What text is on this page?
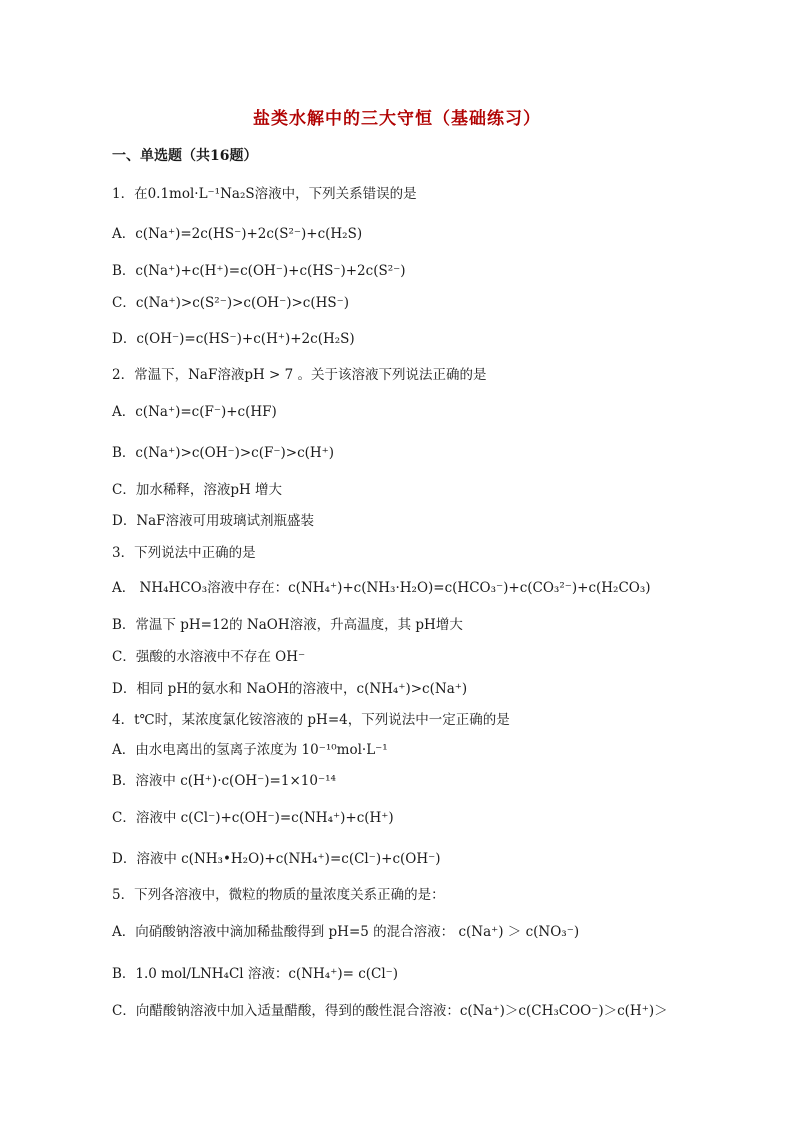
盐类水解中的三大守恒（基础练习）
一、单选题（共16题）
1．在0.1mol·L⁻¹Na₂S溶液中，下列关系错误的是
A．c(Na⁺)=2c(HS⁻)+2c(S²⁻)+c(H₂S)
B．c(Na⁺)+c(H⁺)=c(OH⁻)+c(HS⁻)+2c(S²⁻)
C．c(Na⁺)>c(S²⁻)>c(OH⁻)>c(HS⁻)
D．c(OH⁻)=c(HS⁻)+c(H⁺)+2c(H₂S)
2．常温下，NaF溶液pH > 7 。关于该溶液下列说法正确的是
A．c(Na⁺)=c(F⁻)+c(HF)
B．c(Na⁺)>c(OH⁻)>c(F⁻)>c(H⁺)
C．加水稀释，溶液pH 增大
D．NaF溶液可用玻璃试剂瓶盛装
3．下列说法中正确的是
A． NH₄HCO₃溶液中存在：c(NH₄⁺)+c(NH₃·H₂O)=c(HCO₃⁻)+c(CO₃²⁻)+c(H₂CO₃)
B．常温下 pH=12的 NaOH溶液，升高温度，其 pH增大
C．强酸的水溶液中不存在 OH⁻
D．相同 pH的氨水和 NaOH的溶液中，c(NH₄⁺)>c(Na⁺)
4．t℃时，某浓度氯化铵溶液的 pH=4，下列说法中一定正确的是
A．由水电离出的氢离子浓度为 10⁻¹⁰mol·L⁻¹
B．溶液中 c(H⁺)·c(OH⁻)=1×10⁻¹⁴
C．溶液中 c(Cl⁻)+c(OH⁻)=c(NH₄⁺)+c(H⁺)
D．溶液中 c(NH₃•H₂O)+c(NH₄⁺)=c(Cl⁻)+c(OH⁻)
5．下列各溶液中，微粒的物质的量浓度关系正确的是：
A．向硝酸钠溶液中滴加稀盐酸得到 pH=5 的混合溶液： c(Na⁺) ＞ c(NO₃⁻)
B．1.0 mol/LNH₄Cl 溶液：c(NH₄⁺)= c(Cl⁻)
C．向醋酸钠溶液中加入适量醋酸，得到的酸性混合溶液：c(Na⁺)＞c(CH₃COO⁻)＞c(H⁺)＞
